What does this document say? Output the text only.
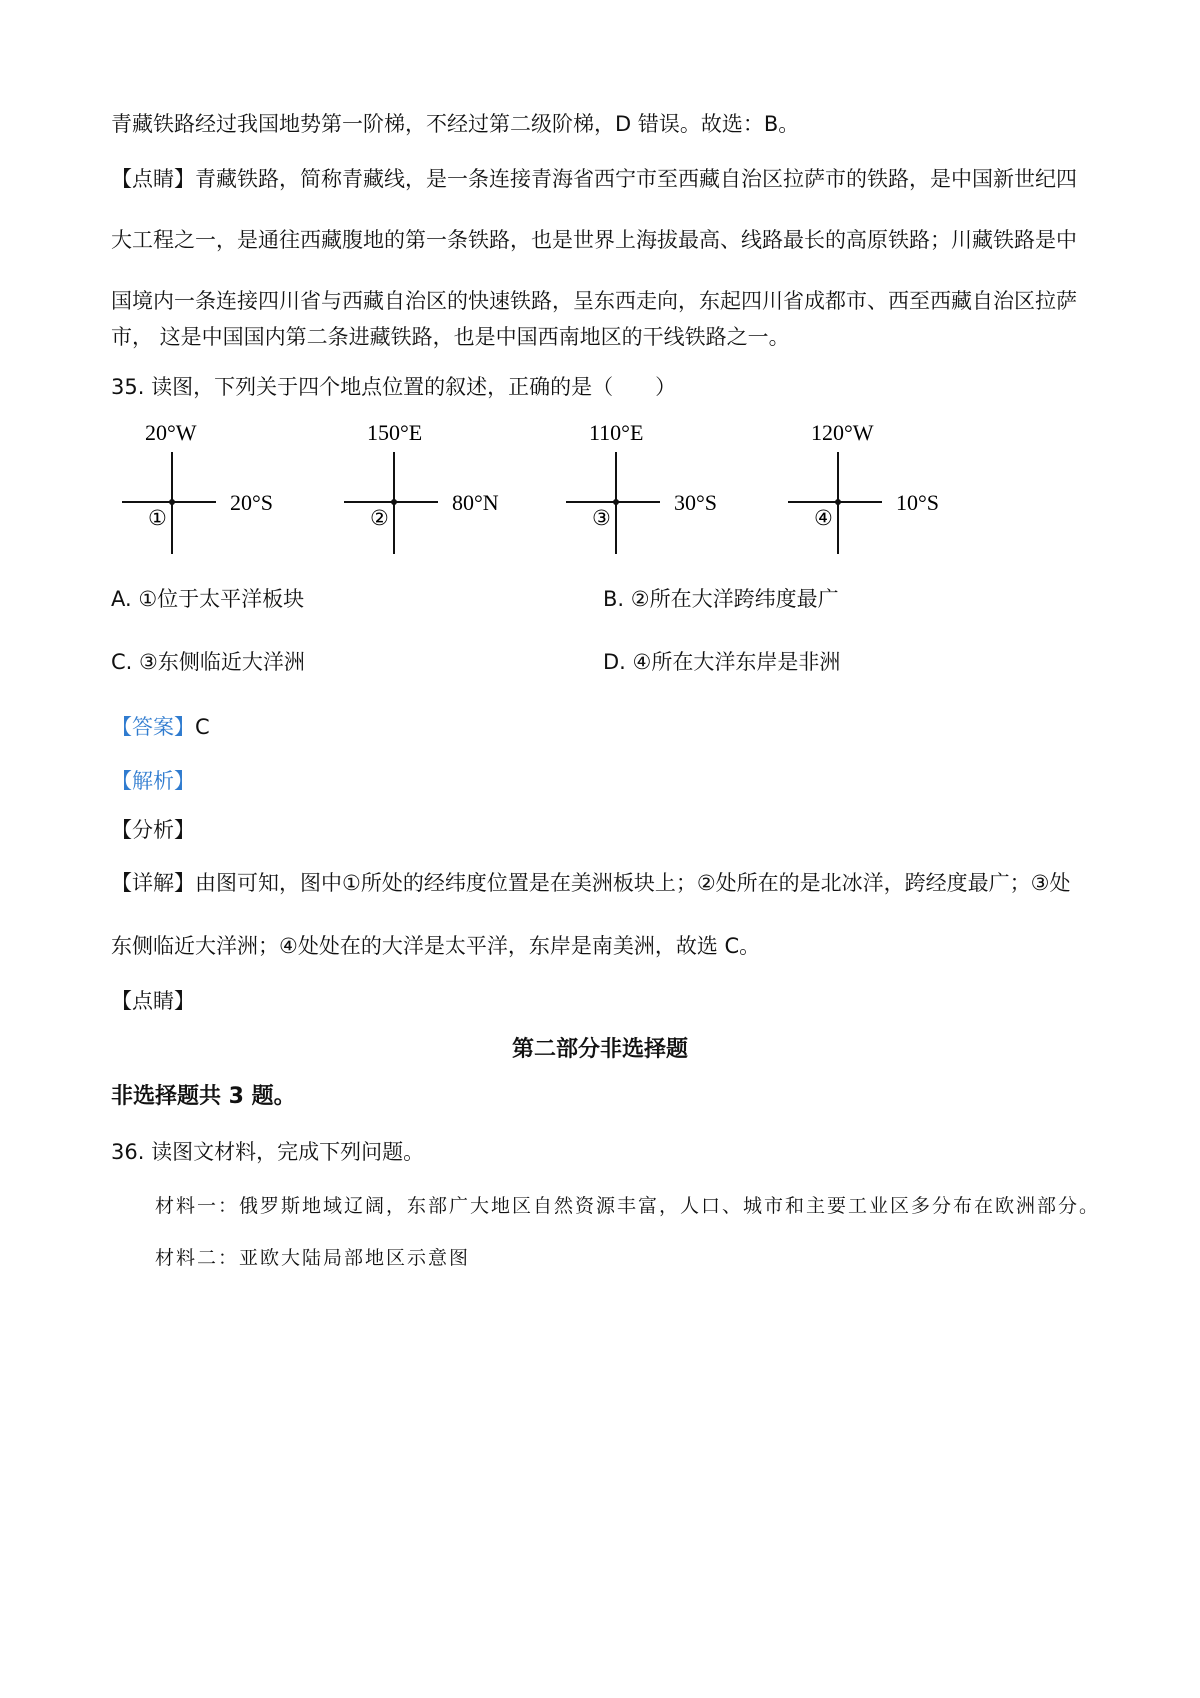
青藏铁路经过我国地势第一阶梯，不经过第二级阶梯，D 错误。故选：B。
【点睛】青藏铁路，简称青藏线，是一条连接青海省西宁市至西藏自治区拉萨市的铁路，是中国新世纪四
大工程之一，是通往西藏腹地的第一条铁路，也是世界上海拔最高、线路最长的高原铁路；川藏铁路是中
国境内一条连接四川省与西藏自治区的快速铁路，呈东西走向，东起四川省成都市、西至西藏自治区拉萨
市， 这是中国国内第二条进藏铁路，也是中国西南地区的干线铁路之一。
35. 读图，下列关于四个地点位置的叙述，正确的是（　　）
20°W
①
20°S
150°E
②
80°N
110°E
③
30°S
120°W
④
10°S
A. ①位于太平洋板块	B. ②所在大洋跨纬度最广
C. ③东侧临近大洋洲	D. ④所在大洋东岸是非洲
【答案】C
【解析】
【分析】
【详解】由图可知，图中①所处的经纬度位置是在美洲板块上；②处所在的是北冰洋，跨经度最广；③处
东侧临近大洋洲；④处处在的大洋是太平洋，东岸是南美洲，故选 C。
【点睛】
第二部分非选择题
非选择题共 3 题。
36. 读图文材料，完成下列问题。
材料一：俄罗斯地域辽阔，东部广大地区自然资源丰富，人口、城市和主要工业区多分布在欧洲部分。
材料二：亚欧大陆局部地区示意图
